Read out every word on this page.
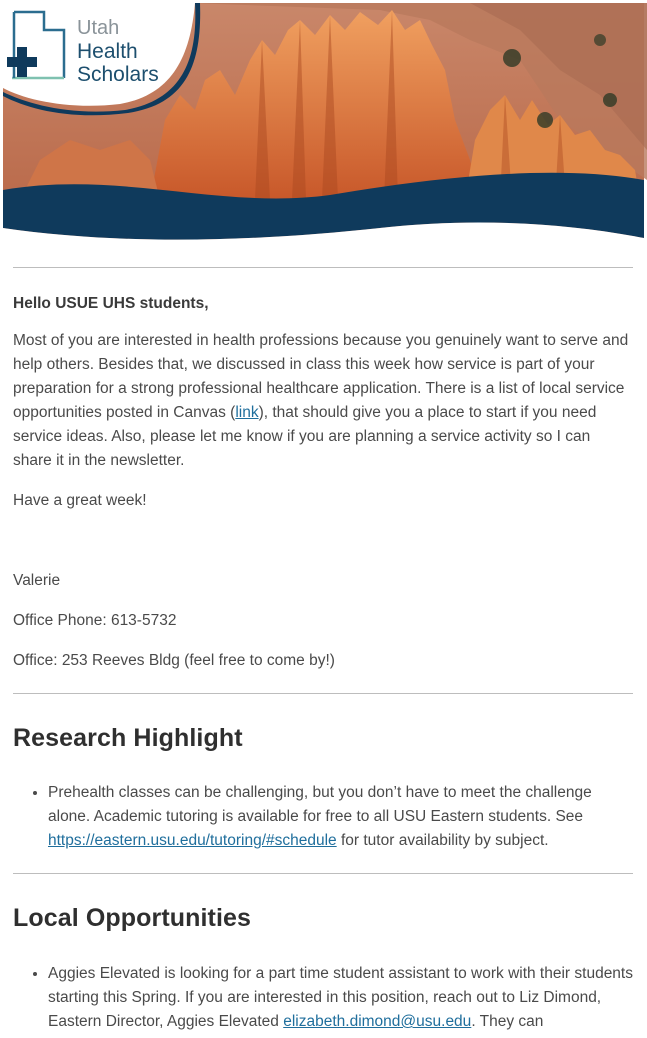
Utah
Health
Scholars

Hello USUE UHS students,

Most of you are interested in health professions because you genuinely want to serve and help others. Besides that, we discussed in class this week how service is part of your preparation for a strong professional healthcare application. There is a list of local service opportunities posted in Canvas (link), that should give you a place to start if you need service ideas. Also, please let me know if you are planning a service activity so I can share it in the newsletter.

Have a great week!

Valerie

Office Phone: 613-5732

Office: 253 Reeves Bldg (feel free to come by!)

Research Highlight
• Prehealth classes can be challenging, but you don’t have to meet the challenge alone. Academic tutoring is available for free to all USU Eastern students. See https://eastern.usu.edu/tutoring/#schedule for tutor availability by subject.
Local Opportunities
• Aggies Elevated is looking for a part time student assistant to work with their students starting this Spring. If you are interested in this position, reach out to Liz Dimond, Eastern Director, Aggies Elevated elizabeth.dimond@usu.edu. They can
